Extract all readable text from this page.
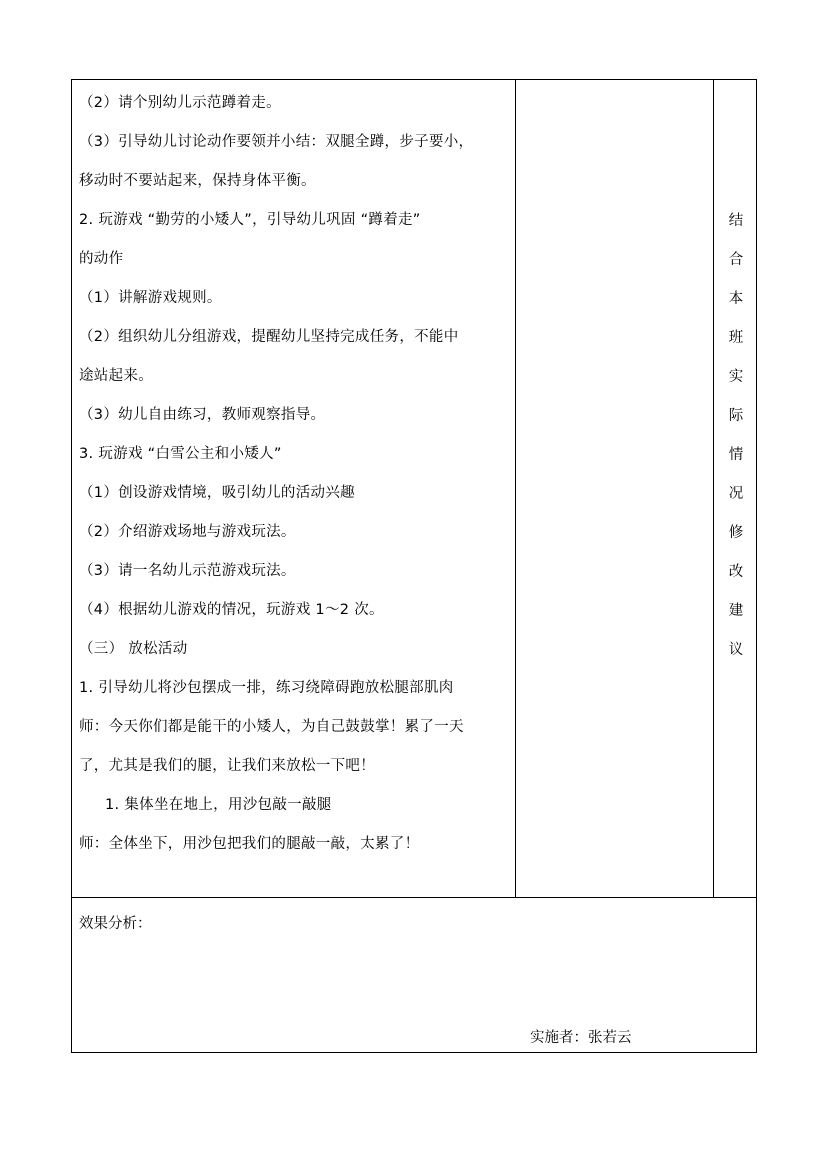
（2）请个别幼儿示范蹲着走。
（3）引导幼儿讨论动作要领并小结：双腿全蹲，步子要小，
移动时不要站起来，保持身体平衡。
2. 玩游戏 “勤劳的小矮人”，引导幼儿巩固 “蹲着走”
的动作
（1）讲解游戏规则。
（2）组织幼儿分组游戏，提醒幼儿坚持完成任务，不能中
途站起来。
（3）幼儿自由练习，教师观察指导。
3. 玩游戏 “白雪公主和小矮人”
（1）创设游戏情境，吸引幼儿的活动兴趣
（2）介绍游戏场地与游戏玩法。
（3）请一名幼儿示范游戏玩法。
（4）根据幼儿游戏的情况，玩游戏 1～2 次。
（三） 放松活动
1. 引导幼儿将沙包摆成一排，练习绕障碍跑放松腿部肌肉
师：今天你们都是能干的小矮人，为自己鼓鼓掌！累了一天
了，尤其是我们的腿，让我们来放松一下吧！
1. 集体坐在地上，用沙包敲一敲腿
师：全体坐下，用沙包把我们的腿敲一敲，太累了！
结
合
本
班
实
际
情
况
修
改
建
议
效果分析：
实施者：张若云
